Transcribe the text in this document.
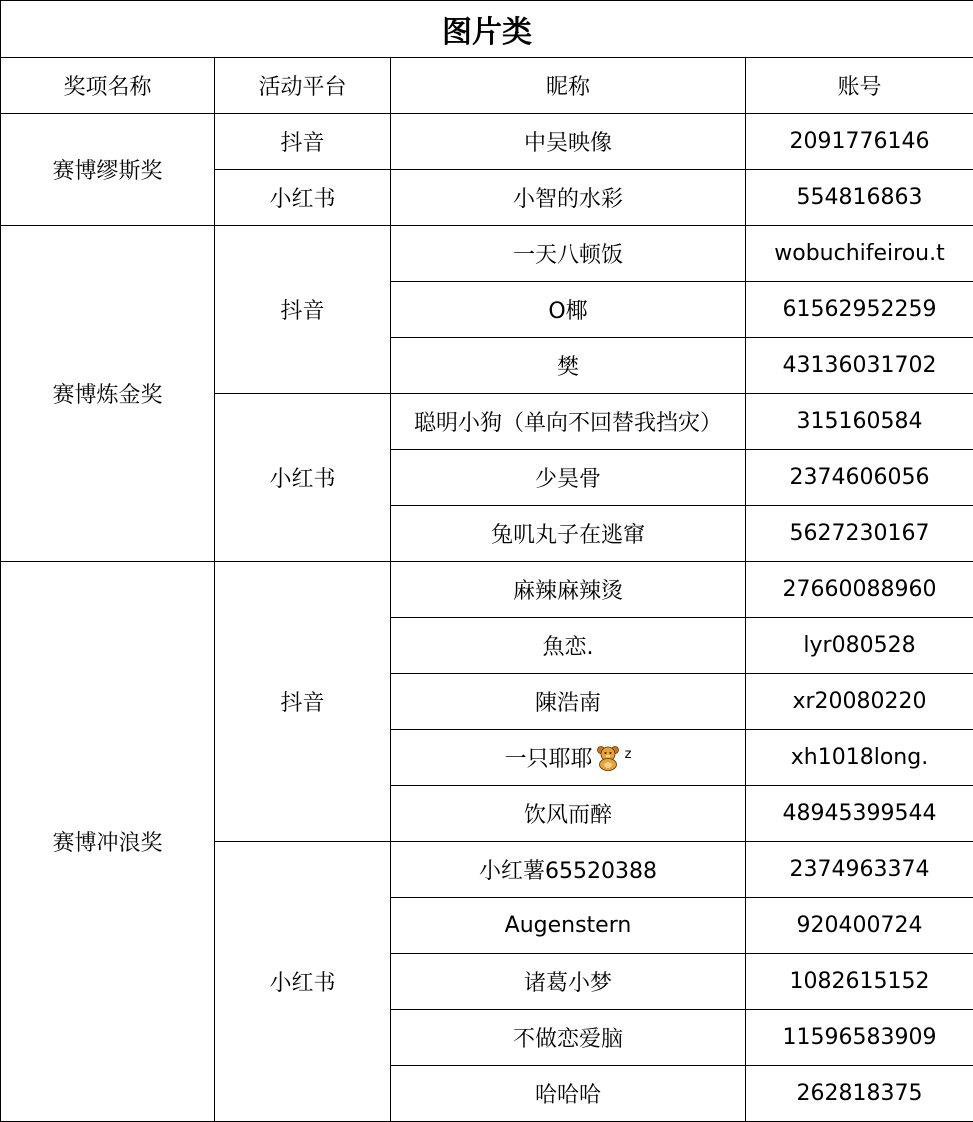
图片类			
奖项名称	活动平台	昵称	账号
赛博缪斯奖	抖音	中吴映像	2091776146
	小红书	小智的水彩	554816863
赛博炼金奖	抖音	一天八顿饭	wobuchifeirou.t
		O椰	61562952259
		樊	43136031702
	小红书	聪明小狗（单向不回替我挡灾）	315160584
		少昊骨	2374606056
		兔叽丸子在逃窜	5627230167
赛博冲浪奖	抖音	麻辣麻辣烫	27660088960
		魚恋.	lyr080528
		陳浩南	xr20080220
		一只耶耶 $^z$	xh1018long.
		饮风而醉	48945399544
	小红书	小红薯65520388	2374963374
		Augenstern	920400724
		诸葛小梦	1082615152
		不做恋爱脑	11596583909
		哈哈哈	262818375
